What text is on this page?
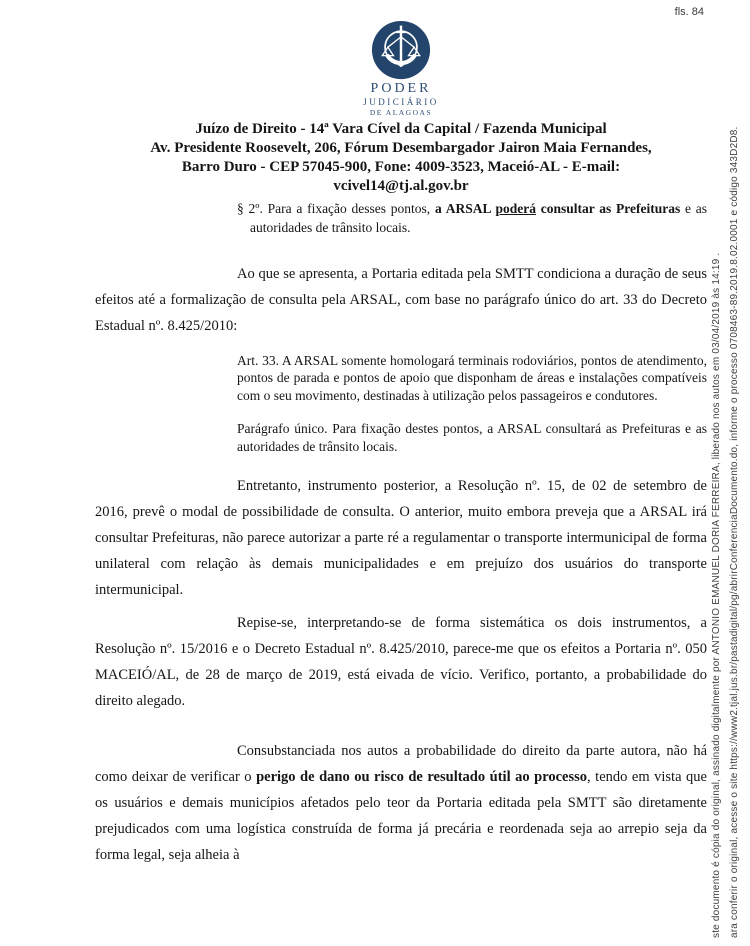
fls. 84
ste documento é cópia do original, assinado digitalmente por ANTONIO EMANUEL DORIA FERREIRA, liberado nos autos em 03/04/2019 às 14:19 . ara conferir o original, acesse o site https://www2.tjal.jus.br/pastadigital/pg/abrirConferenciaDocumento.do, informe o processo 0708463-89.2019.8.02.0001 e código 343D2D8.
PODER
JUDICIÁRIO
DE ALAGOAS
Juízo de Direito - 14ª Vara Cível da Capital / Fazenda Municipal
Av. Presidente Roosevelt, 206, Fórum Desembargador Jairon Maia Fernandes,
Barro Duro - CEP 57045-900, Fone: 4009-3523, Maceió-AL - E-mail:
vcivel14@tj.al.gov.br
§ 2º. Para a fixação desses pontos, a ARSAL poderá consultar as Prefeituras e as autoridades de trânsito locais.

Ao que se apresenta, a Portaria editada pela SMTT condiciona a duração de seus efeitos até a formalização de consulta pela ARSAL, com base no parágrafo único do art. 33 do Decreto Estadual nº. 8.425/2010:

Art. 33. A ARSAL somente homologará terminais rodoviários, pontos de atendimento, pontos de parada e pontos de apoio que disponham de áreas e instalações compatíveis com o seu movimento, destinadas à utilização pelos passageiros e condutores.

Parágrafo único. Para fixação destes pontos, a ARSAL consultará as Prefeituras e as autoridades de trânsito locais.

Entretanto, instrumento posterior, a Resolução nº. 15, de 02 de setembro de 2016, prevê o modal de possibilidade de consulta. O anterior, muito embora preveja que a ARSAL irá consultar Prefeituras, não parece autorizar a parte ré a regulamentar o transporte intermunicipal de forma unilateral com relação às demais municipalidades e em prejuízo dos usuários do transporte intermunicipal.

Repise-se, interpretando-se de forma sistemática os dois instrumentos, a Resolução nº. 15/2016 e o Decreto Estadual nº. 8.425/2010, parece-me que os efeitos a Portaria nº. 050 MACEIÓ/AL, de 28 de março de 2019, está eivada de vício. Verifico, portanto, a probabilidade do direito alegado.

Consubstanciada nos autos a probabilidade do direito da parte autora, não há como deixar de verificar o perigo de dano ou risco de resultado útil ao processo, tendo em vista que os usuários e demais municípios afetados pelo teor da Portaria editada pela SMTT são diretamente prejudicados com uma logística construída de forma já precária e reordenada seja ao arrepio seja da forma legal, seja alheia à
